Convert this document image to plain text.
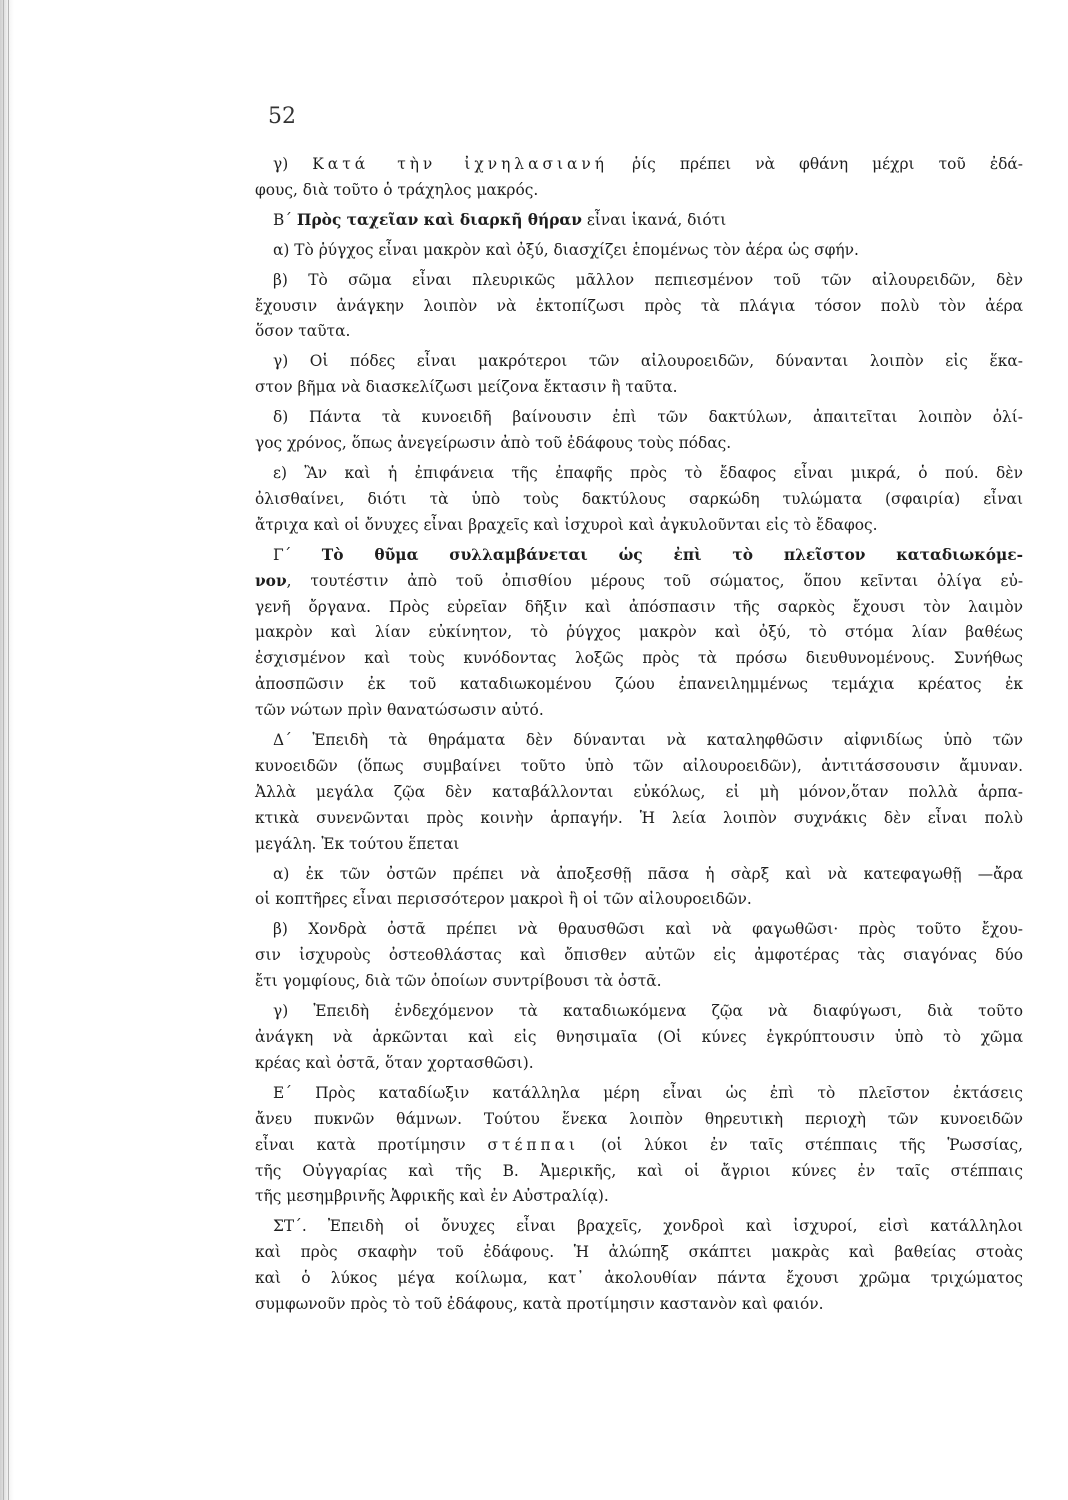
52
γ) Κατά τὴν ἰχνηλασιανή ῥίς πρέπει νὰ φθάνη μέχρι τοῦ ἐδά-
φους, διὰ τοῦτο ὁ τράχηλος μακρός.
Β΄ Πρὸς ταχεῖαν καὶ διαρκῆ θήραν εἶναι ἱκανά, διότι
α) Τὸ ῥύγχος εἶναι μακρὸν καὶ ὀξύ, διασχίζει ἑπομένως τὸν ἀέρα ὡς σφήν.
β) Τὸ σῶμα εἶναι πλευρικῶς μᾶλλον πεπιεσμένον τοῦ τῶν αἰλουρειδῶν, δὲν
ἔχουσιν ἀνάγκην λοιπὸν νὰ ἐκτοπίζωσι πρὸς τὰ πλάγια τόσον πολὺ τὸν ἀέρα
ὅσον ταῦτα.
γ) Οἱ πόδες εἶναι μακρότεροι τῶν αἰλουροειδῶν, δύνανται λοιπὸν εἰς ἕκα-
στον βῆμα νὰ διασκελίζωσι μείζονα ἔκτασιν ἢ ταῦτα.
δ) Πάντα τὰ κυνοειδῆ βαίνουσιν ἐπὶ τῶν δακτύλων, ἀπαιτεῖται λοιπὸν ὀλί-
γος χρόνος, ὅπως ἀνεγείρωσιν ἀπὸ τοῦ ἐδάφους τοὺς πόδας.
ε) Ἂν καὶ ἡ ἐπιφάνεια τῆς ἐπαφῆς πρὸς τὸ ἔδαφος εἶναι μικρά, ὁ πού. δὲν
ὀλισθαίνει, διότι τὰ ὑπὸ τοὺς δακτύλους σαρκώδη τυλώματα (σφαιρία) εἶναι
ἄτριχα καὶ οἱ ὄνυχες εἶναι βραχεῖς καὶ ἰσχυροὶ καὶ ἀγκυλοῦνται εἰς τὸ ἔδαφος.
Γ΄ Τὸ θῦμα συλλαμβάνεται ὡς ἐπὶ τὸ πλεῖστον καταδιωκόμε-
νον, τουτέστιν ἀπὸ τοῦ ὀπισθίου μέρους τοῦ σώματος, ὅπου κεῖνται ὀλίγα εὐ-
γενῆ ὄργανα. Πρὸς εὐρεῖαν δῆξιν καὶ ἀπόσπασιν τῆς σαρκὸς ἔχουσι τὸν λαιμὸν
μακρὸν καὶ λίαν εὐκίνητον, τὸ ῥύγχος μακρὸν καὶ ὀξύ, τὸ στόμα λίαν βαθέως
ἐσχισμένον καὶ τοὺς κυνόδοντας λοξῶς πρὸς τὰ πρόσω διευθυνομένους. Συνήθως
ἀποσπῶσιν ἐκ τοῦ καταδιωκομένου ζώου ἐπανειλημμένως τεμάχια κρέατος ἐκ
τῶν νώτων πρὶν θανατώσωσιν αὐτό.
Δ΄ Ἐπειδὴ τὰ θηράματα δὲν δύνανται νὰ καταληφθῶσιν αἰφνιδίως ὑπὸ τῶν
κυνοειδῶν (ὅπως συμβαίνει τοῦτο ὑπὸ τῶν αἰλουροειδῶν), ἀντιτάσσουσιν ἄμυναν.
Ἀλλὰ μεγάλα ζῷα δὲν καταβάλλονται εὐκόλως, εἰ μὴ μόνον,ὅταν πολλὰ ἁρπα-
κτικὰ συνενῶνται πρὸς κοινὴν ἁρπαγήν. Ἡ λεία λοιπὸν συχνάκις δὲν εἶναι πολὺ
μεγάλη. Ἐκ τούτου ἕπεται
α) ἐκ τῶν ὀστῶν πρέπει νὰ ἀποξεσθῇ πᾶσα ἡ σὰρξ καὶ νὰ κατεφαγωθῇ —ἄρα
οἱ κοπτῆρες εἶναι περισσότερον μακροὶ ἢ οἱ τῶν αἰλουροειδῶν.
β) Χονδρὰ ὀστᾶ πρέπει νὰ θραυσθῶσι καὶ νὰ φαγωθῶσι· πρὸς τοῦτο ἔχου-
σιν ἰσχυροὺς ὀστεοθλάστας καὶ ὄπισθεν αὐτῶν εἰς ἀμφοτέρας τὰς σιαγόνας δύο
ἔτι γομφίους, διὰ τῶν ὁποίων συντρίβουσι τὰ ὀστᾶ.
γ) Ἐπειδὴ ἐνδεχόμενον τὰ καταδιωκόμενα ζῷα νὰ διαφύγωσι, διὰ τοῦτο
ἀνάγκη νὰ ἀρκῶνται καὶ εἰς θνησιμαῖα (Οἱ κύνες ἐγκρύπτουσιν ὑπὸ τὸ χῶμα
κρέας καὶ ὀστᾶ, ὅταν χορτασθῶσι).
Ε΄ Πρὸς καταδίωξιν κατάλληλα μέρη εἶναι ὡς ἐπὶ τὸ πλεῖστον ἐκτάσεις
ἄνευ πυκνῶν θάμνων. Τούτου ἕνεκα λοιπὸν θηρευτικὴ περιοχὴ τῶν κυνοειδῶν
εἶναι κατὰ προτίμησιν στέππαι (οἱ λύκοι ἐν ταῖς στέππαις τῆς Ῥωσσίας,
τῆς Οὐγγαρίας καὶ τῆς Β. Ἀμερικῆς, καὶ οἱ ἄγριοι κύνες ἐν ταῖς στέππαις
τῆς μεσημβρινῆς Ἀφρικῆς καὶ ἐν Αὐστραλίᾳ).
ΣΤ΄. Ἐπειδὴ οἱ ὄνυχες εἶναι βραχεῖς, χονδροὶ καὶ ἰσχυροί, εἰσὶ κατάλληλοι
καὶ πρὸς σκαφὴν τοῦ ἐδάφους. Ἡ ἀλώπηξ σκάπτει μακρὰς καὶ βαθείας στοὰς
καὶ ὁ λύκος μέγα κοίλωμα, κατ᾽ ἀκολουθίαν πάντα ἔχουσι χρῶμα τριχώματος
συμφωνοῦν πρὸς τὸ τοῦ ἐδάφους, κατὰ προτίμησιν καστανὸν καὶ φαιόν.
